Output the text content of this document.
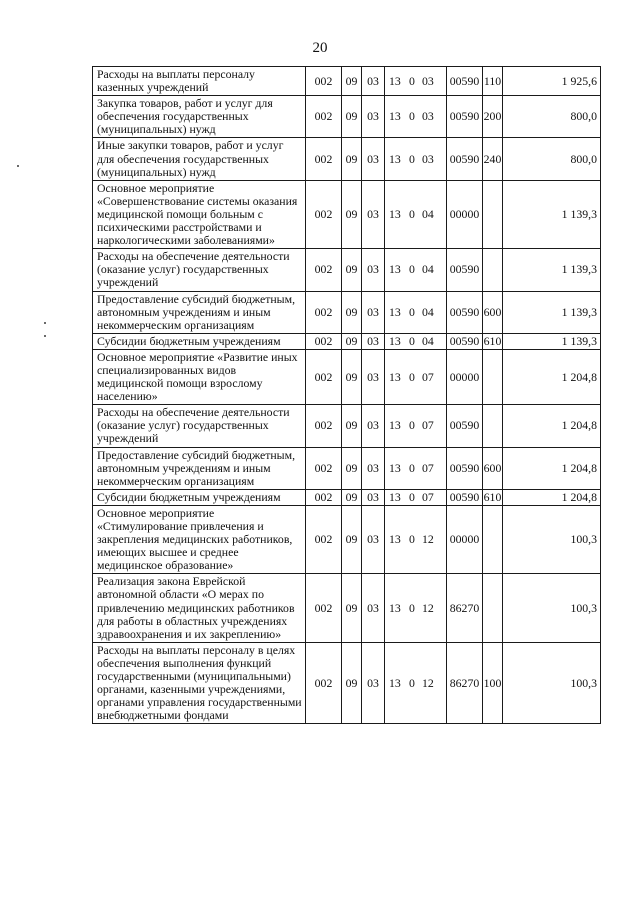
20
Расходы на выплаты персоналу казенных учреждений	002	09	03	13 0 03	00590	110	1 925,6
Закупка товаров, работ и услуг для обеспечения государственных (муниципальных) нужд	002	09	03	13 0 03	00590	200	800,0
Иные закупки товаров, работ и услуг для обеспечения государственных (муниципальных) нужд	002	09	03	13 0 03	00590	240	800,0
Основное мероприятие «Совершенствование системы оказания медицинской помощи больным с психическими расстройствами и наркологическими заболеваниями»	002	09	03	13 0 04	00000		1 139,3
Расходы на обеспечение деятельности (оказание услуг) государственных учреждений	002	09	03	13 0 04	00590		1 139,3
Предоставление субсидий бюджетным, автономным учреждениям и иным некоммерческим организациям	002	09	03	13 0 04	00590	600	1 139,3
Субсидии бюджетным учреждениям	002	09	03	13 0 04	00590	610	1 139,3
Основное мероприятие «Развитие иных специализированных видов медицинской помощи взрослому населению»	002	09	03	13 0 07	00000		1 204,8
Расходы на обеспечение деятельности (оказание услуг) государственных учреждений	002	09	03	13 0 07	00590		1 204,8
Предоставление субсидий бюджетным, автономным учреждениям и иным некоммерческим организациям	002	09	03	13 0 07	00590	600	1 204,8
Субсидии бюджетным учреждениям	002	09	03	13 0 07	00590	610	1 204,8
Основное мероприятие «Стимулирование привлечения и закрепления медицинских работников, имеющих высшее и среднее медицинское образование»	002	09	03	13 0 12	00000		100,3
Реализация закона Еврейской автономной области «О мерах по привлечению медицинских работников для работы в областных учреждениях здравоохранения и их закреплению»	002	09	03	13 0 12	86270		100,3
Расходы на выплаты персоналу в целях обеспечения выполнения функций государственными (муниципальными) органами, казенными учреждениями, органами управления государственными внебюджетными фондами	002	09	03	13 0 12	86270	100	100,3
